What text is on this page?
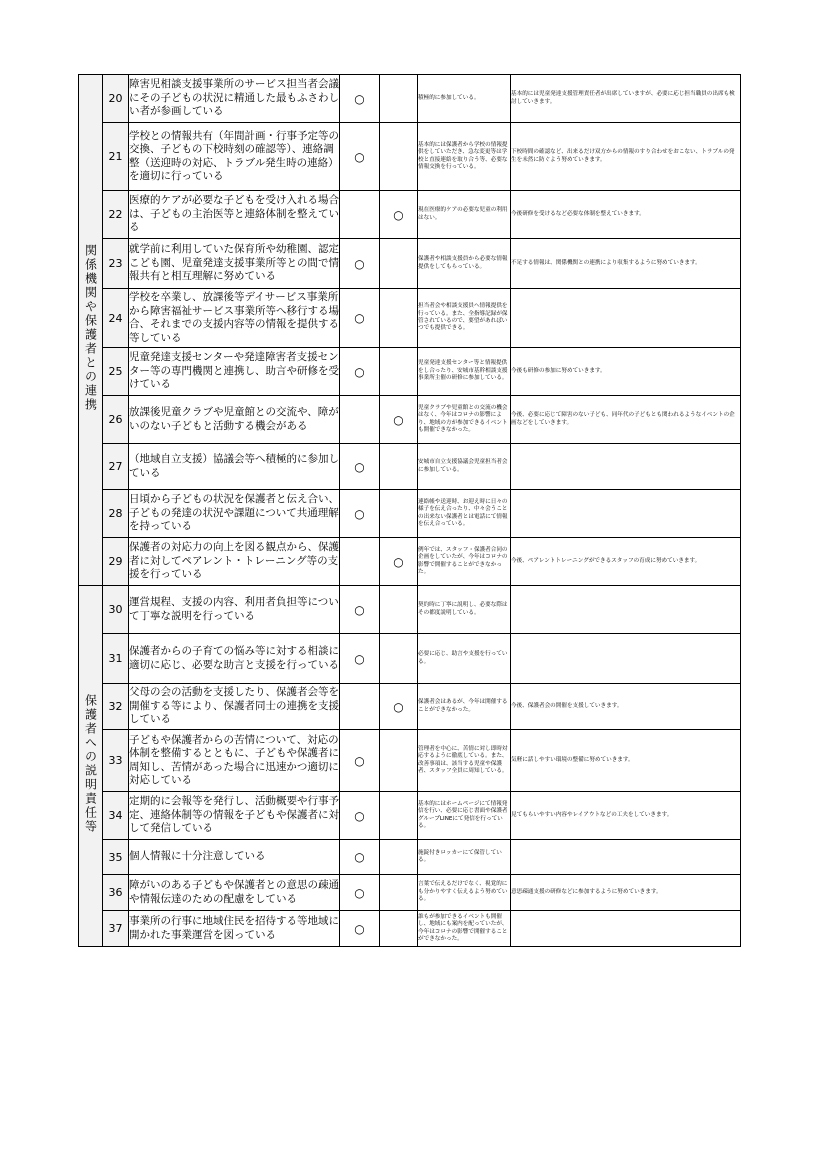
関係機関や保護者との連携	20	障害児相談支援事業所のサービス担当者会議にその子どもの状況に精通した最もふさわしい者が参画している	○		積極的に参加している。	基本的には児童発達支援管理責任者が出席していますが、必要に応じ担当職員の出席も検討していきます。
	21	学校との情報共有（年間計画・行事予定等の交換、子どもの下校時刻の確認等）、連絡調整（送迎時の対応、トラブル発生時の連絡）を適切に行っている	○		基本的には保護者から学校の情報提供をしていただき、急な変更等は学校と直接連絡を取り合う等、必要な情報交換を行っている。	下校時間の確認など、出来るだけ双方からの情報のすり合わせをおこない、トラブルの発生を未然に防ぐよう努めていきます。
	22	医療的ケアが必要な子どもを受け入れる場合は、子どもの主治医等と連絡体制を整えている		○	現在医療的ケアの必要な児童の利用はない。	今後研修を受けるなど必要な体制を整えていきます。
	23	就学前に利用していた保育所や幼稚園、認定こども園、児童発達支援事業所等との間で情報共有と相互理解に努めている	○		保護者や相談支援員から必要な情報提供をしてもらっている。	不足する情報は、関係機関との連携により収集するように努めていきます。
	24	学校を卒業し、放課後等デイサービス事業所から障害福祉サービス事業所等へ移行する場合、それまでの支援内容等の情報を提供する等している	○		担当者会や相談支援員へ情報提供を行っている。また、全指導記録が保管されているので、要望があればいつでも提供できる。	
	25	児童発達支援センターや発達障害者支援センター等の専門機関と連携し、助言や研修を受けている	○		児童発達支援センター等と情報提供をし合ったり、安城市基幹相談支援事業所主催の研修に参加している。	今後も研修の参加に努めていきます。
	26	放課後児童クラブや児童館との交流や、障がいのない子どもと活動する機会がある		○	児童クラブや児童館との交流の機会はなく、今年はコロナの影響により、地域の方が参加できるイベントも開催できなかった。	今後、必要に応じて障害のない子ども、同年代の子どもとも関われるようなイベントの企画などをしていきます。
	27	（地域自立支援）協議会等へ積極的に参加している	○		安城市自立支援協議会児童担当者会に参加している。	
	28	日頃から子どもの状況を保護者と伝え合い、子どもの発達の状況や課題について共通理解を持っている	○		連絡帳や送迎時、お迎え時に日々の様子を伝え合ったり、中々会うことの出来ない保護者とは電話にて情報を伝え合っている。	
	29	保護者の対応力の向上を図る観点から、保護者に対してペアレント・トレーニング等の支援を行っている		○	例年では、スタッフ・保護者合同の企画をしていたが、今年はコロナの影響で開催することができなかった。	今後、ペアレントトレーニングができるスタッフの育成に努めていきます。
保護者への説明責任等	30	運営規程、支援の内容、利用者負担等について丁寧な説明を行っている	○		契約時に丁寧に説明し、必要な際はその都度説明している。	
	31	保護者からの子育ての悩み等に対する相談に適切に応じ、必要な助言と支援を行っている	○		必要に応じ、助言や支援を行っている。	
	32	父母の会の活動を支援したり、保護者会等を開催する等により、保護者同士の連携を支援している		○	保護者会はあるが、今年は開催することができなかった。	今後、保護者会の開催を支援していきます。
	33	子どもや保護者からの苦情について、対応の体制を整備するとともに、子どもや保護者に周知し、苦情があった場合に迅速かつ適切に対応している	○		管理者を中心に、苦情に対し即時対応するように徹底している。また、改善事項は、該当する児童や保護者、スタッフ全員に周知している。	気軽に話しやすい環境の整備に努めていきます。
	34	定期的に会報等を発行し、活動概要や行事予定、連絡体制等の情報を子どもや保護者に対して発信している	○		基本的にはホームページにて情報発信を行い、必要に応じ書面や保護者グループLINEにて発信を行っている。	見てもらいやすい内容やレイアウトなどの工夫をしていきます。
	35	個人情報に十分注意している	○		施錠付きロッカーにて保管している。	
	36	障がいのある子どもや保護者との意思の疎通や情報伝達のための配慮をしている	○		言葉で伝えるだけでなく、視覚的にも分かりやすく伝えるよう努めている。	意思疎通支援の研修などに参加するように努めていきます。
	37	事業所の行事に地域住民を招待する等地域に開かれた事業運営を図っている	○		誰もが参加できるイベントも開催し、地域にも案内を配っていたが、今年はコロナの影響で開催することができなかった。	
